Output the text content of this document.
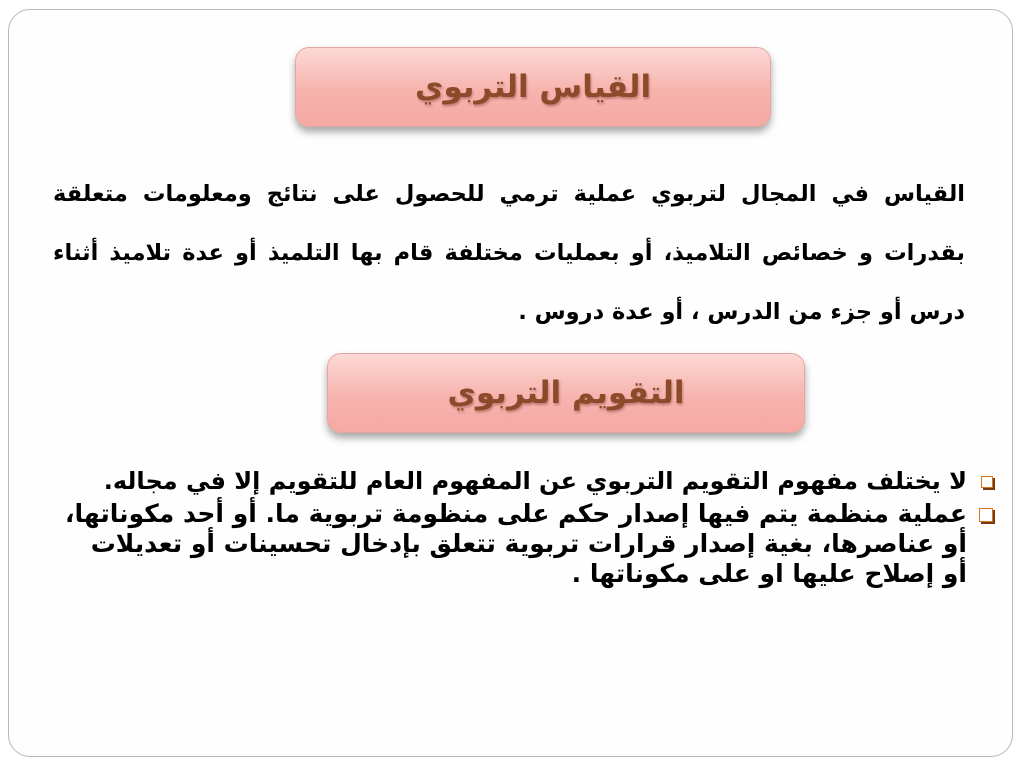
القياس التربوي

القياس في المجال لتربوي عملية ترمي للحصول على نتائج ومعلومات متعلقة بقدرات و خصائص التلاميذ، أو بعمليات مختلفة قام بها التلميذ أو عدة تلاميذ أثناء درس أو جزء من الدرس ، أو عدة دروس .

التقويم التربوي
لا يختلف مفهوم التقويم التربوي عن المفهوم العام للتقويم إلا في مجاله.
عملية منظمة يتم فيها إصدار حكم على منظومة تربوية ما. أو أحد مكوناتها، أو عناصرها، بغية إصدار قرارات تربوية تتعلق بإدخال تحسينات أو تعديلات أو إصلاح عليها او على مكوناتها .
